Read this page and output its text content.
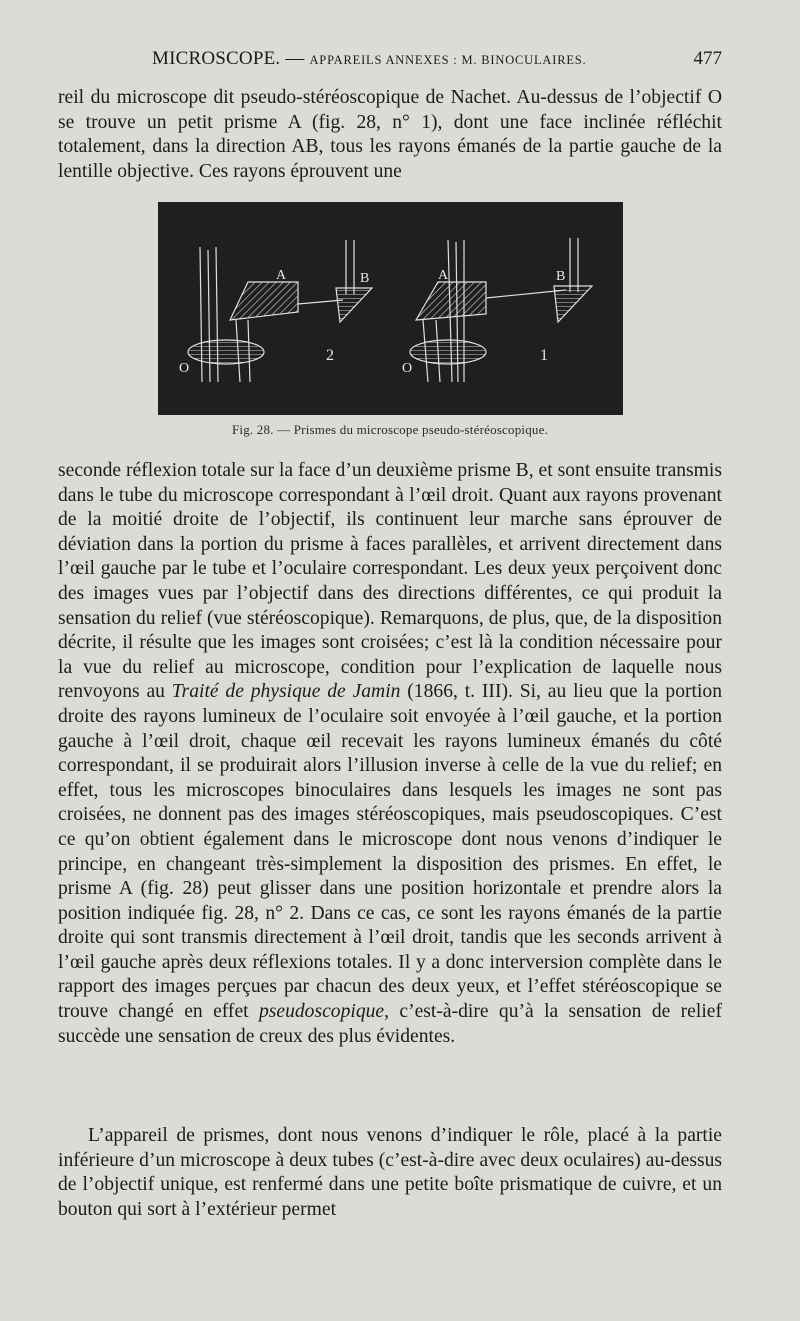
MICROSCOPE. — APPAREILS ANNEXES : M. BINOCULAIRES.	477

reil du microscope dit pseudo-stéréoscopique de Nachet. Au-dessus de l’objectif O se trouve un petit prisme A (fig. 28, n° 1), dont une face inclinée réfléchit totalement, dans la direction AB, tous les rayons émanés de la partie gauche de la lentille objective. Ces rayons éprouvent une

A	B
O
2
A	B
O
1
Fig. 28. — Prismes du microscope pseudo-stéréoscopique.

seconde réflexion totale sur la face d’un deuxième prisme B, et sont ensuite transmis dans le tube du microscope correspondant à l’œil droit. Quant aux rayons provenant de la moitié droite de l’objectif, ils continuent leur marche sans éprouver de déviation dans la portion du prisme à faces parallèles, et arrivent directement dans l’œil gauche par le tube et l’oculaire correspondant. Les deux yeux perçoivent donc des images vues par l’objectif dans des directions différentes, ce qui produit la sensation du relief (vue stéréoscopique). Remarquons, de plus, que, de la disposition décrite, il résulte que les images sont croisées; c’est là la condition nécessaire pour la vue du relief au microscope, condition pour l’explication de laquelle nous renvoyons au Traité de physique de Jamin (1866, t. III). Si, au lieu que la portion droite des rayons lumineux de l’oculaire soit envoyée à l’œil gauche, et la portion gauche à l’œil droit, chaque œil recevait les rayons lumineux émanés du côté correspondant, il se produirait alors l’illusion inverse à celle de la vue du relief; en effet, tous les microscopes binoculaires dans lesquels les images ne sont pas croisées, ne donnent pas des images stéréoscopiques, mais pseudoscopiques. C’est ce qu’on obtient également dans le microscope dont nous venons d’indiquer le principe, en changeant très-simplement la disposition des prismes. En effet, le prisme A (fig. 28) peut glisser dans une position horizontale et prendre alors la position indiquée fig. 28, n° 2. Dans ce cas, ce sont les rayons émanés de la partie droite qui sont transmis directement à l’œil droit, tandis que les seconds arrivent à l’œil gauche après deux réflexions totales. Il y a donc interversion complète dans le rapport des images perçues par chacun des deux yeux, et l’effet stéréoscopique se trouve changé en effet pseudoscopique, c’est-à-dire qu’à la sensation de relief succède une sensation de creux des plus évidentes.

L’appareil de prismes, dont nous venons d’indiquer le rôle, placé à la partie inférieure d’un microscope à deux tubes (c’est-à-dire avec deux oculaires) au-dessus de l’objectif unique, est renfermé dans une petite boîte prismatique de cuivre, et un bouton qui sort à l’extérieur permet
